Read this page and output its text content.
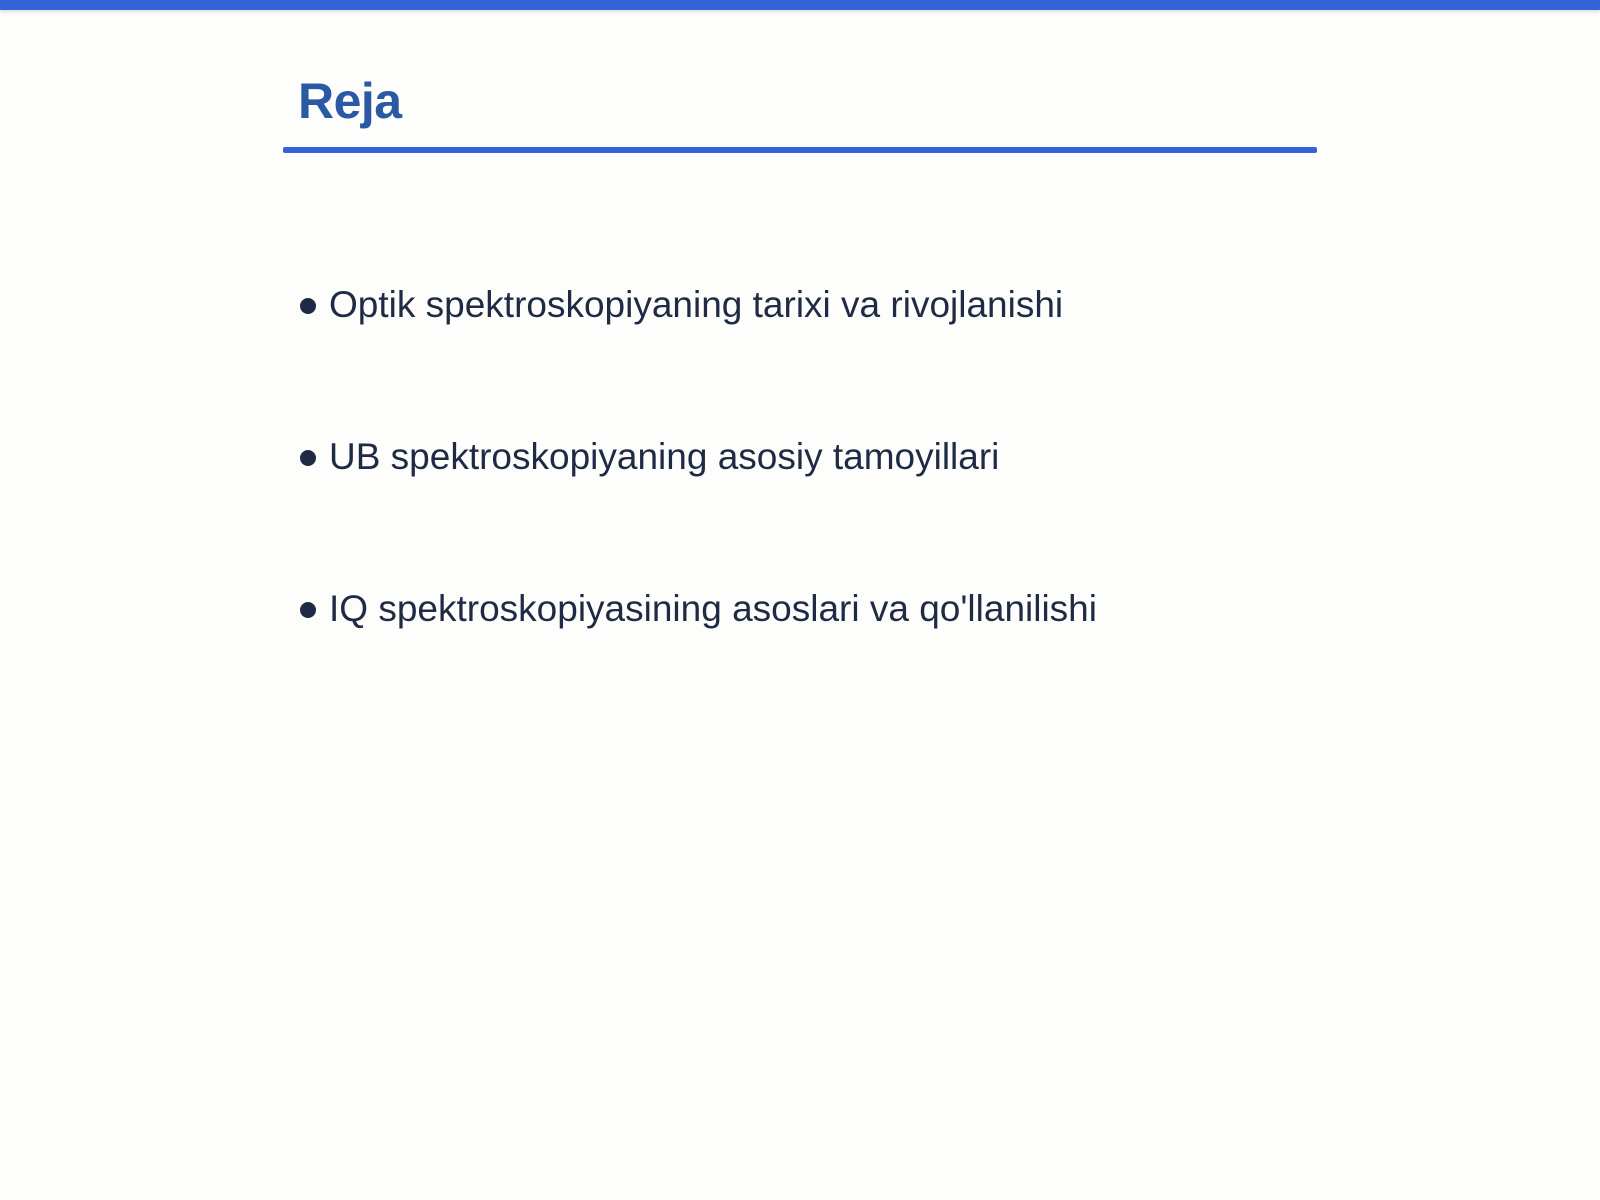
Reja
Optik spektroskopiyaning tarixi va rivojlanishi
UB spektroskopiyaning asosiy tamoyillari
IQ spektroskopiyasining asoslari va qo'llanilishi
